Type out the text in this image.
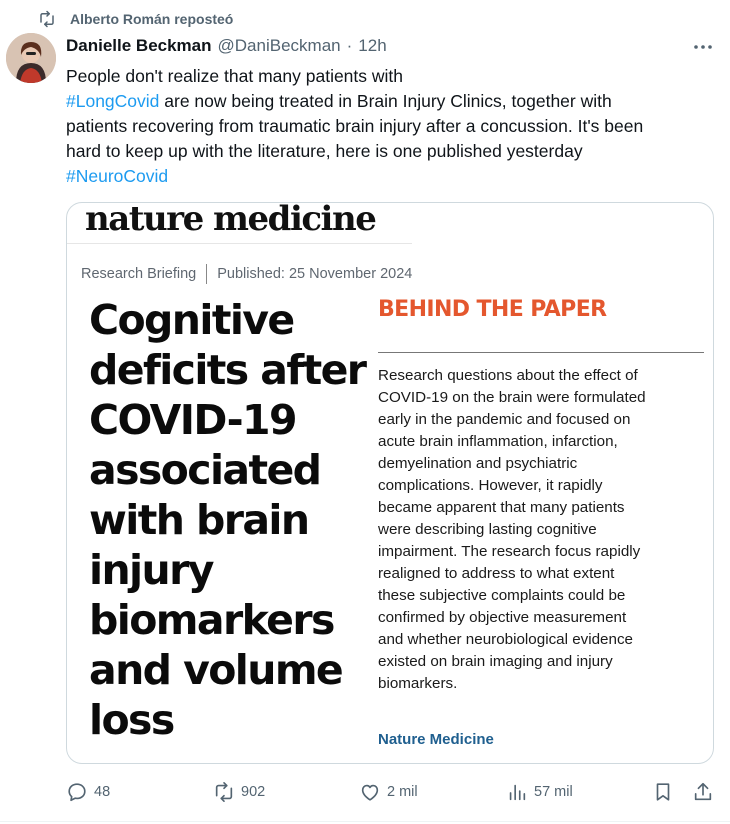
Alberto Román reposteó
Danielle Beckman @DaniBeckman · 12h
People don't realize that many patients with
#LongCovid are now being treated in Brain Injury Clinics, together with
patients recovering from traumatic brain injury after a concussion. It's been
hard to keep up with the literature, here is one published yesterday
#NeuroCovid
nature medicine
Research Briefing Published: 25 November 2024
Cognitive
deficits after
COVID-19
associated
with brain
injury
biomarkers
and volume
loss
BEHIND THE PAPER
Research questions about the effect of
COVID-19 on the brain were formulated
early in the pandemic and focused on
acute brain inflammation, infarction,
demyelination and psychiatric
complications. However, it rapidly
became apparent that many patients
were describing lasting cognitive
impairment. The research focus rapidly
realigned to address to what extent
these subjective complaints could be
confirmed by objective measurement
and whether neurobiological evidence
existed on brain imaging and injury
biomarkers.
Nature Medicine
48	902	2 mil	57 mil
